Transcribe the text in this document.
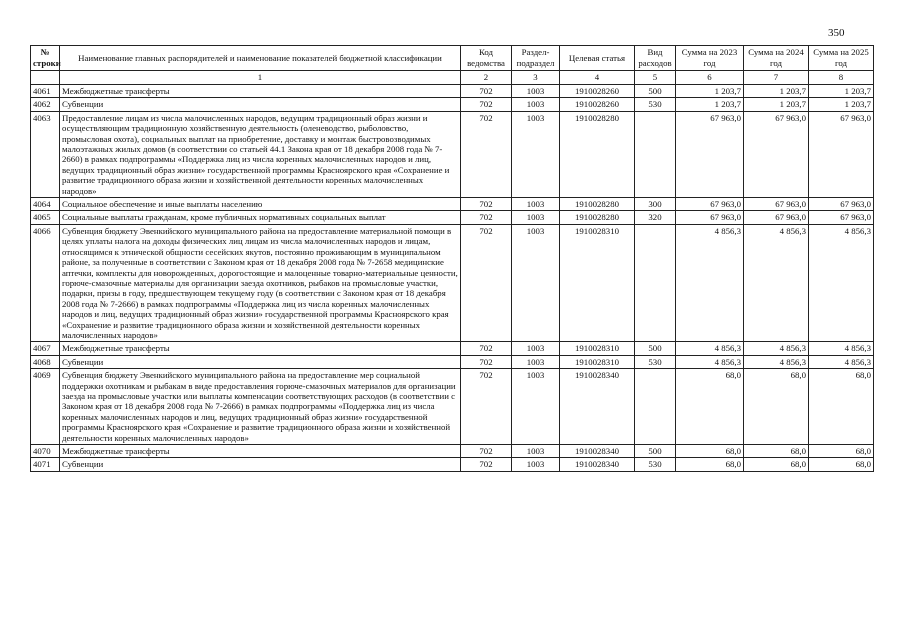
350
№ строки	Наименование главных распорядителей и наименование показателей бюджетной классификации	Код ведомства	Раздел-подраздел	Целевая статья	Вид расходов	Сумма на 2023 год	Сумма на 2024 год	Сумма на 2025 год
	1	2	3	4	5	6	7	8
4061	Межбюджетные трансферты	702	1003	1910028260	500	1 203,7	1 203,7	1 203,7
4062	Субвенции	702	1003	1910028260	530	1 203,7	1 203,7	1 203,7
4063	Предоставление лицам из числа малочисленных народов, ведущим традиционный образ жизни и осуществляющим традиционную хозяйственную деятельность (оленеводство, рыболовство, промысловая охота), социальных выплат на приобретение, доставку и монтаж быстровозводимых малоэтажных жилых домов (в соответствии со статьей 44.1 Закона края от 18 декабря 2008 года № 7-2660) в рамках подпрограммы «Поддержка лиц из числа коренных малочисленных народов и лиц, ведущих традиционный образ жизни» государственной программы Красноярского края «Сохранение и развитие традиционного образа жизни и хозяйственной деятельности коренных малочисленных народов»	702	1003	1910028280		67 963,0	67 963,0	67 963,0
4064	Социальное обеспечение и иные выплаты населению	702	1003	1910028280	300	67 963,0	67 963,0	67 963,0
4065	Социальные выплаты гражданам, кроме публичных нормативных социальных выплат	702	1003	1910028280	320	67 963,0	67 963,0	67 963,0
4066	Субвенция бюджету Эвенкийского муниципального района на предоставление материальной помощи в целях уплаты налога на доходы физических лиц лицам из числа малочисленных народов и лицам, относящимся к этнической общности сесейских якутов, постоянно проживающим в муниципальном районе, за полученные в соответствии с Законом края от 18 декабря 2008 года № 7-2658 медицинские аптечки, комплекты для новорожденных, дорогостоящие и малоценные товарно-материальные ценности, горюче-смазочные материалы для организации заезда охотников, рыбаков на промысловые участки, подарки, призы в году, предшествующем текущему году (в соответствии с Законом края от 18 декабря 2008 года № 7-2666) в рамках подпрограммы «Поддержка лиц из числа коренных малочисленных народов и лиц, ведущих традиционный образ жизни» государственной программы Красноярского края «Сохранение и развитие традиционного образа жизни и хозяйственной деятельности коренных малочисленных народов»	702	1003	1910028310		4 856,3	4 856,3	4 856,3
4067	Межбюджетные трансферты	702	1003	1910028310	500	4 856,3	4 856,3	4 856,3
4068	Субвенции	702	1003	1910028310	530	4 856,3	4 856,3	4 856,3
4069	Субвенция бюджету Эвенкийского муниципального района на предоставление мер социальной поддержки охотникам и рыбакам в виде предоставления горюче-смазочных материалов для организации заезда на промысловые участки или выплаты компенсации соответствующих расходов (в соответствии с Законом края от 18 декабря 2008 года № 7-2666) в рамках подпрограммы «Поддержка лиц из числа коренных малочисленных народов и лиц, ведущих традиционный образ жизни» государственной программы Красноярского края «Сохранение и развитие традиционного образа жизни и хозяйственной деятельности коренных малочисленных народов»	702	1003	1910028340		68,0	68,0	68,0
4070	Межбюджетные трансферты	702	1003	1910028340	500	68,0	68,0	68,0
4071	Субвенции	702	1003	1910028340	530	68,0	68,0	68,0
